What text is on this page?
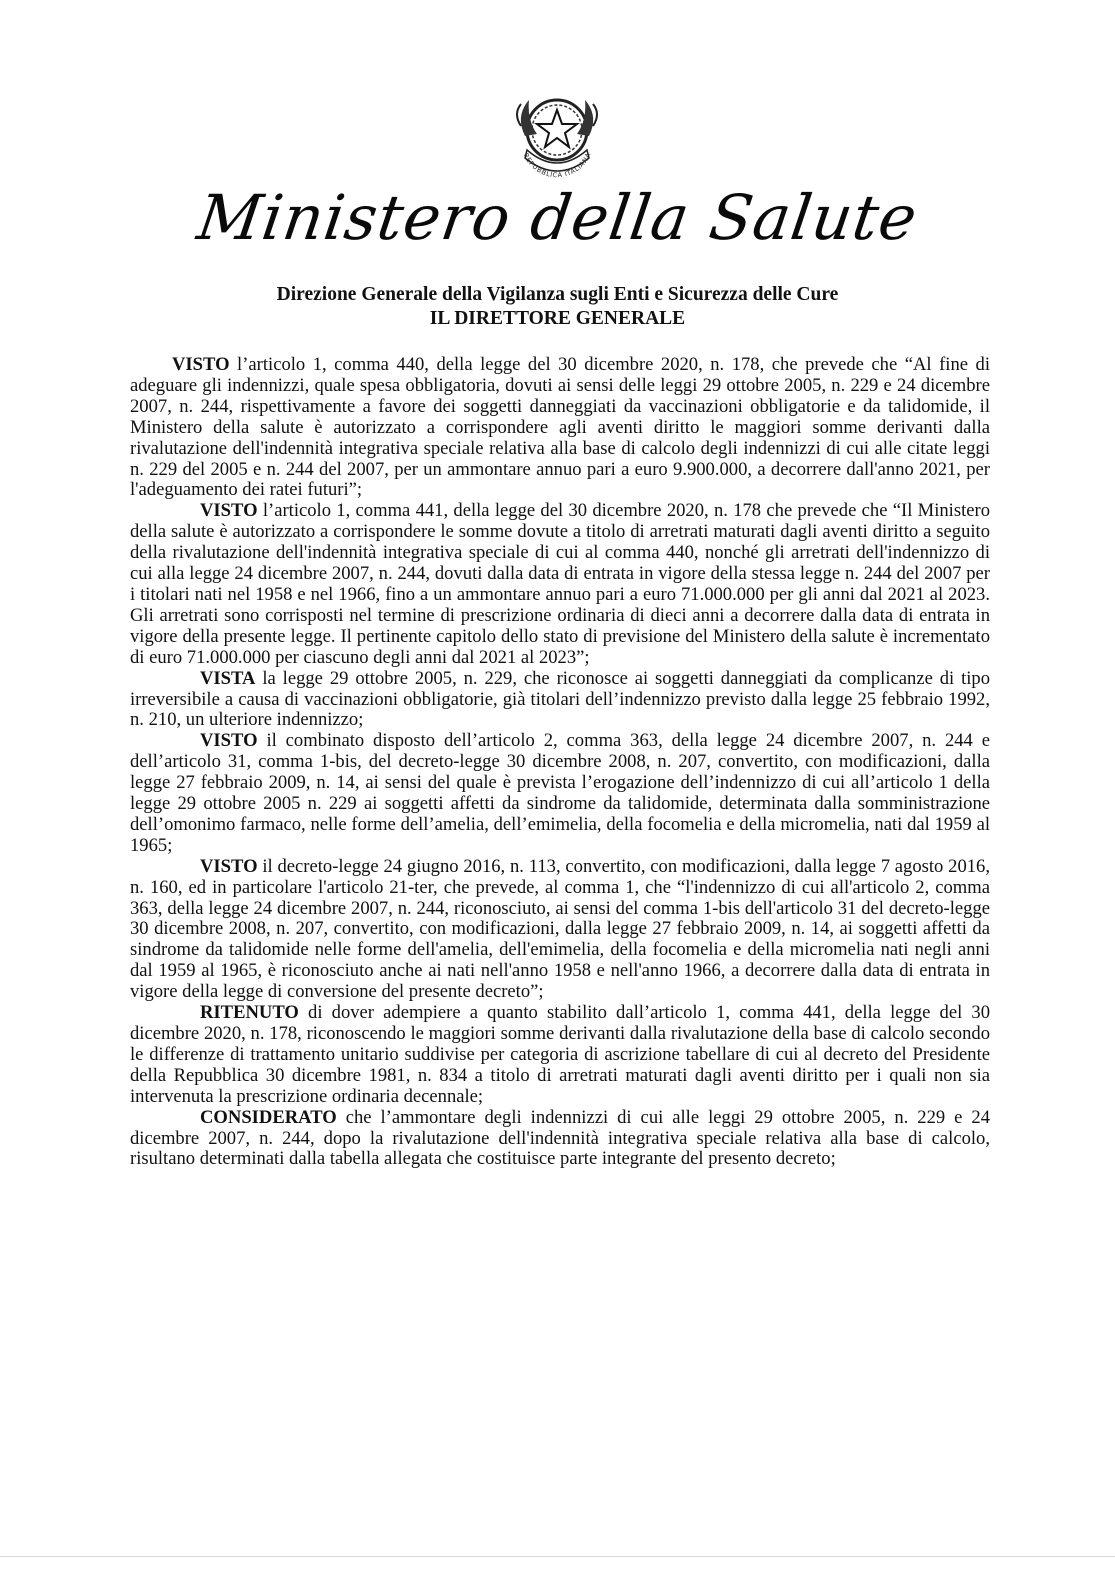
REPUBBLICA ITALIANA
Ministero della Salute
Direzione Generale della Vigilanza sugli Enti e Sicurezza delle Cure
IL DIRETTORE GENERALE

VISTO l’articolo 1, comma 440, della legge del 30 dicembre 2020, n. 178, che prevede che “Al fine di adeguare gli indennizzi, quale spesa obbligatoria, dovuti ai sensi delle leggi 29 ottobre 2005, n. 229 e 24 dicembre 2007, n. 244, rispettivamente a favore dei soggetti danneggiati da vaccinazioni obbligatorie e da talidomide, il Ministero della salute è autorizzato a corrispondere agli aventi diritto le maggiori somme derivanti dalla rivalutazione dell'indennità integrativa speciale relativa alla base di calcolo degli indennizzi di cui alle citate leggi n. 229 del 2005 e n. 244 del 2007, per un ammontare annuo pari a euro 9.900.000, a decorrere dall'anno 2021, per l'adeguamento dei ratei futuri”;

VISTO l’articolo 1, comma 441, della legge del 30 dicembre 2020, n. 178 che prevede che “Il Ministero della salute è autorizzato a corrispondere le somme dovute a titolo di arretrati maturati dagli aventi diritto a seguito della rivalutazione dell'indennità integrativa speciale di cui al comma 440, nonché gli arretrati dell'indennizzo di cui alla legge 24 dicembre 2007, n. 244, dovuti dalla data di entrata in vigore della stessa legge n. 244 del 2007 per i titolari nati nel 1958 e nel 1966, fino a un ammontare annuo pari a euro 71.000.000 per gli anni dal 2021 al 2023. Gli arretrati sono corrisposti nel termine di prescrizione ordinaria di dieci anni a decorrere dalla data di entrata in vigore della presente legge. Il pertinente capitolo dello stato di previsione del Ministero della salute è incrementato di euro 71.000.000 per ciascuno degli anni dal 2021 al 2023”;

VISTA la legge 29 ottobre 2005, n. 229, che riconosce ai soggetti danneggiati da complicanze di tipo irreversibile a causa di vaccinazioni obbligatorie, già titolari dell’indennizzo previsto dalla legge 25 febbraio 1992, n. 210, un ulteriore indennizzo;

VISTO il combinato disposto dell’articolo 2, comma 363, della legge 24 dicembre 2007, n. 244 e dell’articolo 31, comma 1-bis, del decreto-legge 30 dicembre 2008, n. 207, convertito, con modificazioni, dalla legge 27 febbraio 2009, n. 14, ai sensi del quale è prevista l’erogazione dell’indennizzo di cui all’articolo 1 della legge 29 ottobre 2005 n. 229 ai soggetti affetti da sindrome da talidomide, determinata dalla somministrazione dell’omonimo farmaco, nelle forme dell’amelia, dell’emimelia, della focomelia e della micromelia, nati dal 1959 al 1965;

VISTO il decreto-legge 24 giugno 2016, n. 113, convertito, con modificazioni, dalla legge 7 agosto 2016, n. 160, ed in particolare l'articolo 21-ter, che prevede, al comma 1, che “l'indennizzo di cui all'articolo 2, comma 363, della legge 24 dicembre 2007, n. 244, riconosciuto, ai sensi del comma 1-bis dell'articolo 31 del decreto-legge 30 dicembre 2008, n. 207, convertito, con modificazioni, dalla legge 27 febbraio 2009, n. 14, ai soggetti affetti da sindrome da talidomide nelle forme dell'amelia, dell'emimelia, della focomelia e della micromelia nati negli anni dal 1959 al 1965, è riconosciuto anche ai nati nell'anno 1958 e nell'anno 1966, a decorrere dalla data di entrata in vigore della legge di conversione del presente decreto”;

RITENUTO di dover adempiere a quanto stabilito dall’articolo 1, comma 441, della legge del 30 dicembre 2020, n. 178, riconoscendo le maggiori somme derivanti dalla rivalutazione della base di calcolo secondo le differenze di trattamento unitario suddivise per categoria di ascrizione tabellare di cui al decreto del Presidente della Repubblica 30 dicembre 1981, n. 834 a titolo di arretrati maturati dagli aventi diritto per i quali non sia intervenuta la prescrizione ordinaria decennale;

CONSIDERATO che l’ammontare degli indennizzi di cui alle leggi 29 ottobre 2005, n. 229 e 24 dicembre 2007, n. 244, dopo la rivalutazione dell'indennità integrativa speciale relativa alla base di calcolo, risultano determinati dalla tabella allegata che costituisce parte integrante del presento decreto;
